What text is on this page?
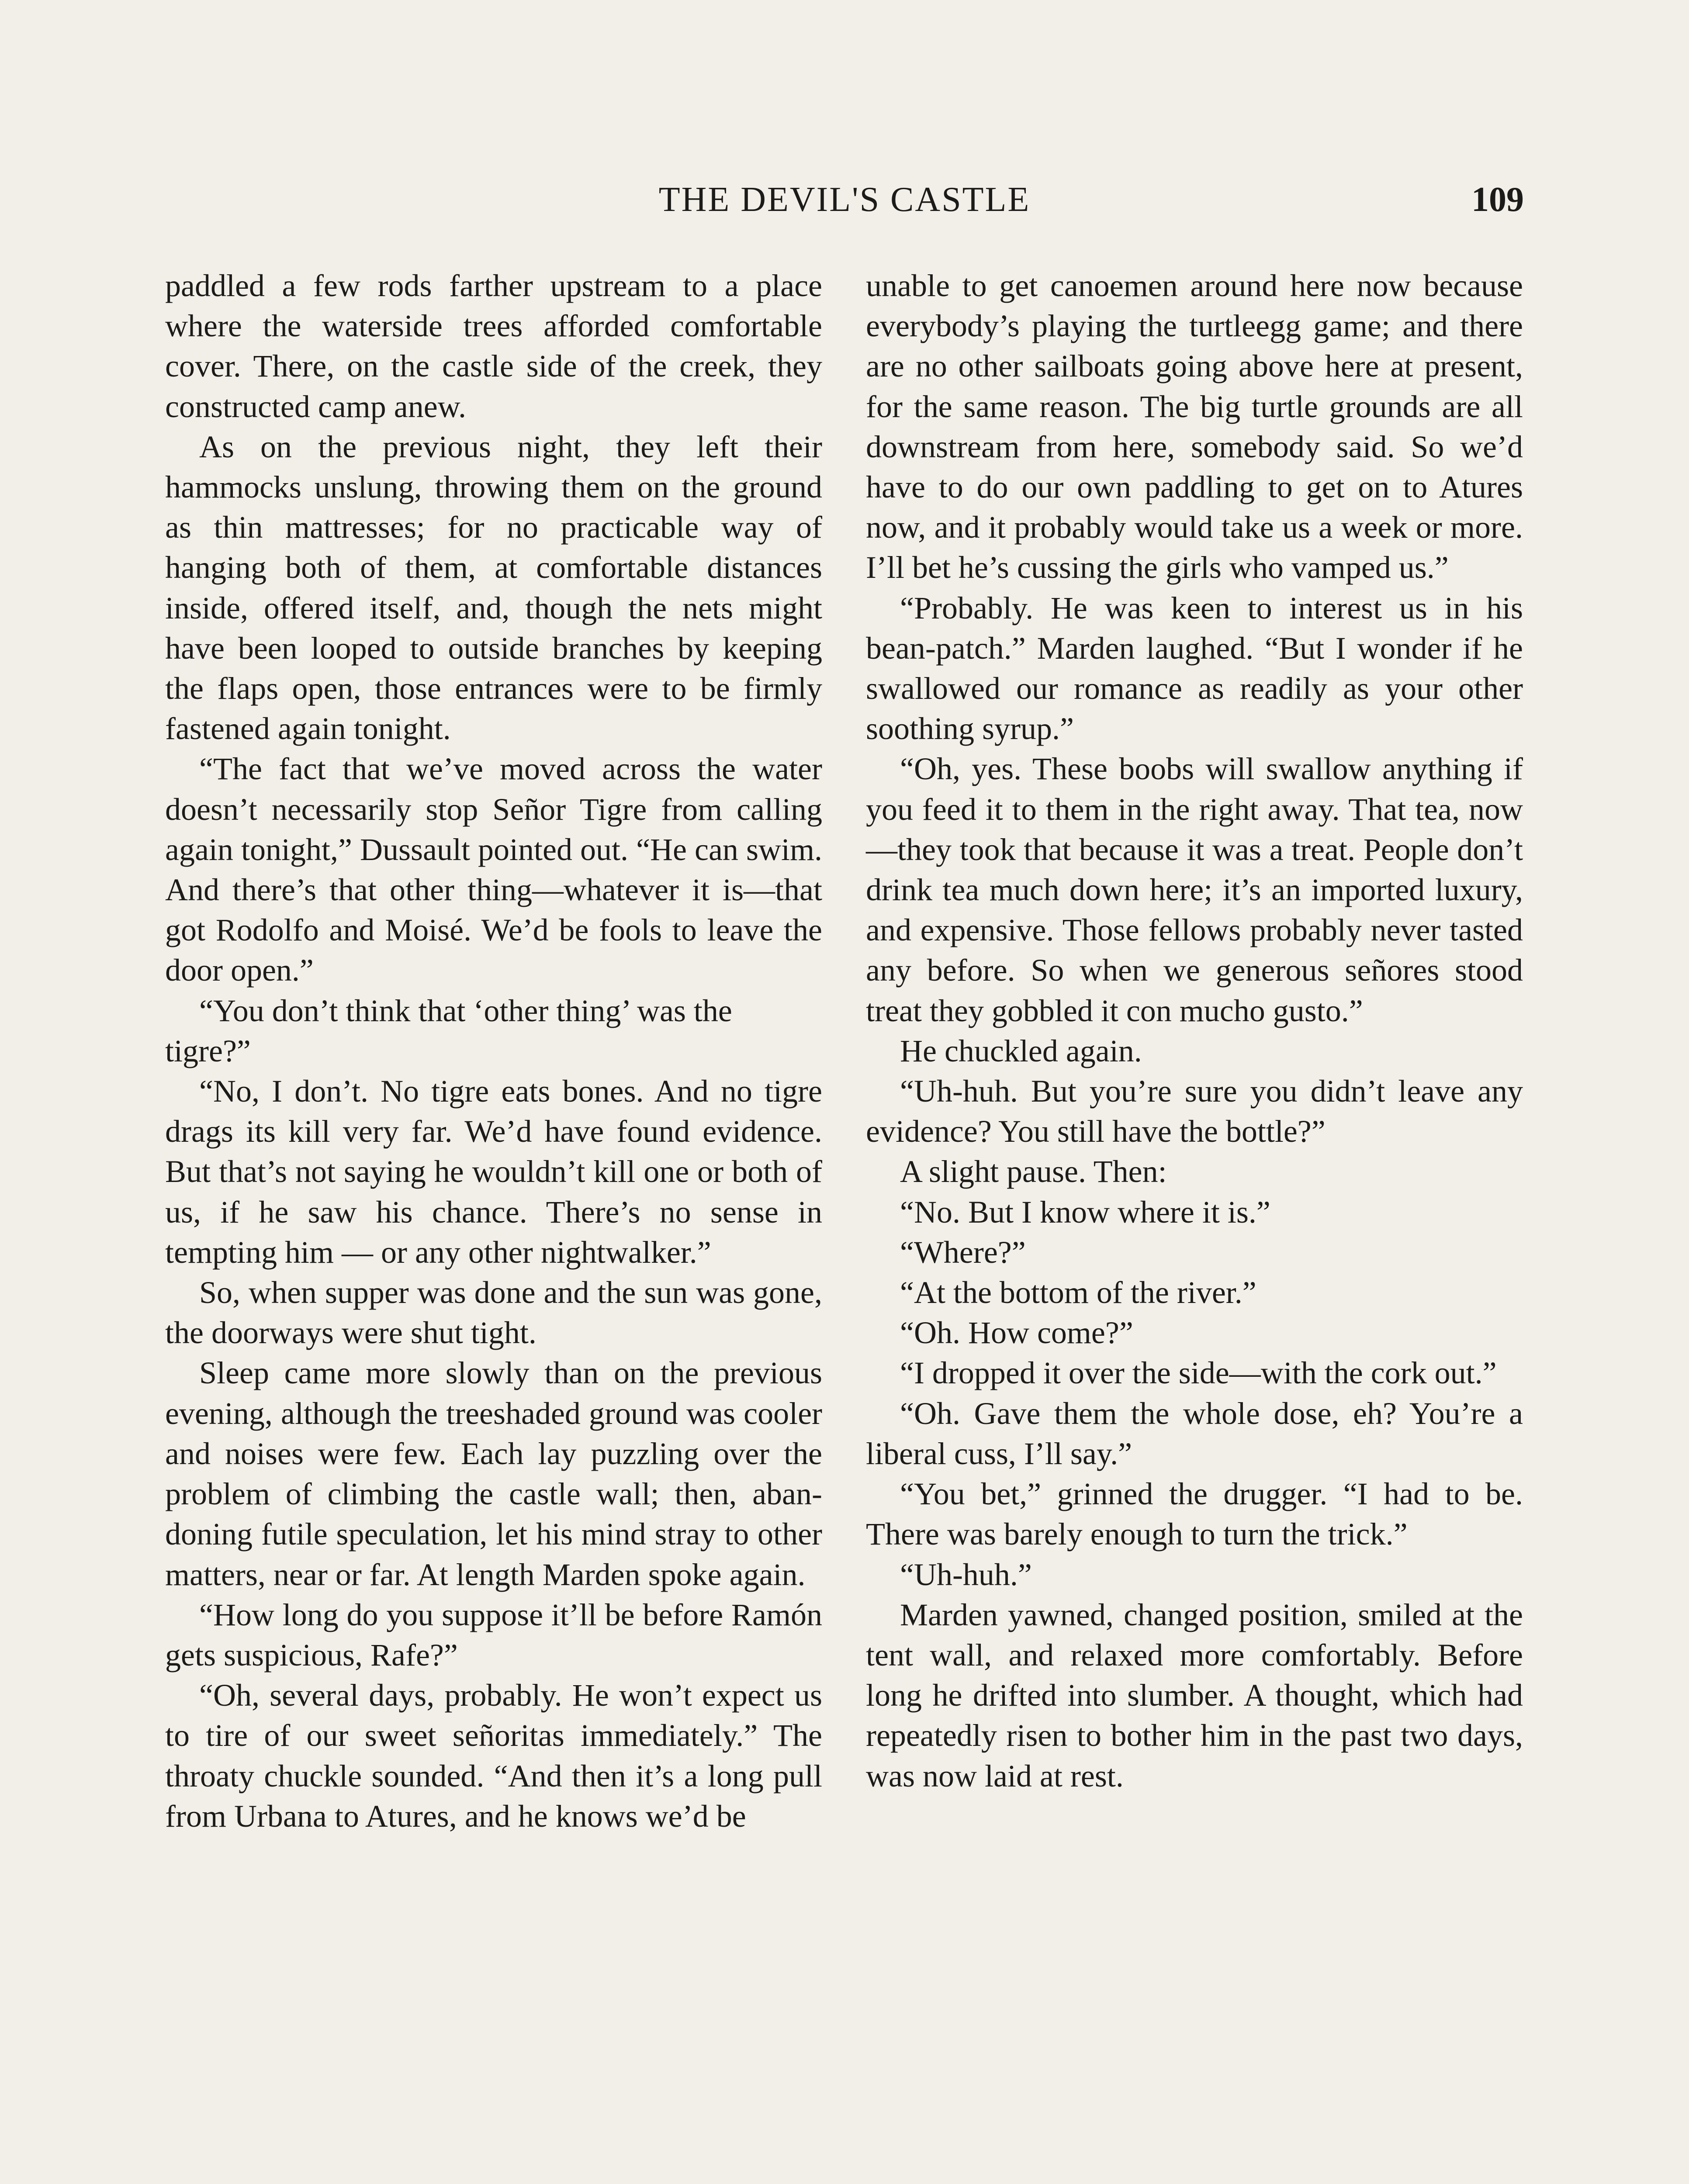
THE DEVIL'S CASTLE	109

paddled a few rods farther upstream to a place where the waterside trees afforded comfortable cover. There, on the castle side of the creek, they constructed camp anew.

As on the previous night, they left their hammocks unslung, throwing them on the ground as thin mattresses; for no practicable way of hanging both of them, at comfortable distances inside, offered itself, and, though the nets might have been looped to outside branches by keeping the flaps open, those entrances were to be firmly fastened again tonight.

“The fact that we’ve moved across the water doesn’t necessarily stop Señor Tigre from calling again tonight,” Dussault pointed out. “He can swim. And there’s that other thing—whatever it is—that got Rodolfo and Moisé. We’d be fools to leave the door open.”

“You don’t think that ‘other thing’ was the tigre?”

“No, I don’t. No tigre eats bones. And no tigre drags its kill very far. We’d have found evidence. But that’s not saying he wouldn’t kill one or both of us, if he saw his chance. There’s no sense in tempting him — or any other nightwalker.”

So, when supper was done and the sun was gone, the doorways were shut tight.

Sleep came more slowly than on the previous evening, although the treeshaded ground was cooler and noises were few. Each lay puzzling over the problem of climbing the castle wall; then, abandoning futile speculation, let his mind stray to other matters, near or far. At length Marden spoke again.

“How long do you suppose it’ll be before Ramón gets suspicious, Rafe?”

“Oh, several days, probably. He won’t expect us to tire of our sweet señoritas immediately.” The throaty chuckle sounded. “And then it’s a long pull from Urbana to Atures, and he knows we’d be

unable to get canoemen around here now because everybody’s playing the turtleegg game; and there are no other sailboats going above here at present, for the same reason. The big turtle grounds are all downstream from here, somebody said. So we’d have to do our own paddling to get on to Atures now, and it probably would take us a week or more. I’ll bet he’s cussing the girls who vamped us.”

“Probably. He was keen to interest us in his bean-patch.” Marden laughed. “But I wonder if he swallowed our romance as readily as your other soothing syrup.”

“Oh, yes. These boobs will swallow anything if you feed it to them in the right away. That tea, now—they took that because it was a treat. People don’t drink tea much down here; it’s an imported luxury, and expensive. Those fellows probably never tasted any before. So when we generous señores stood treat they gobbled it con mucho gusto.”

He chuckled again.

“Uh-huh. But you’re sure you didn’t leave any evidence? You still have the bottle?”

A slight pause. Then:

“No. But I know where it is.”

“Where?”

“At the bottom of the river.”

“Oh. How come?”

“I dropped it over the side—with the cork out.”

“Oh. Gave them the whole dose, eh? You’re a liberal cuss, I’ll say.”

“You bet,” grinned the drugger. “I had to be. There was barely enough to turn the trick.”

“Uh-huh.”

Marden yawned, changed position, smiled at the tent wall, and relaxed more comfortably. Before long he drifted into slumber. A thought, which had repeatedly risen to bother him in the past two days, was now laid at rest.
